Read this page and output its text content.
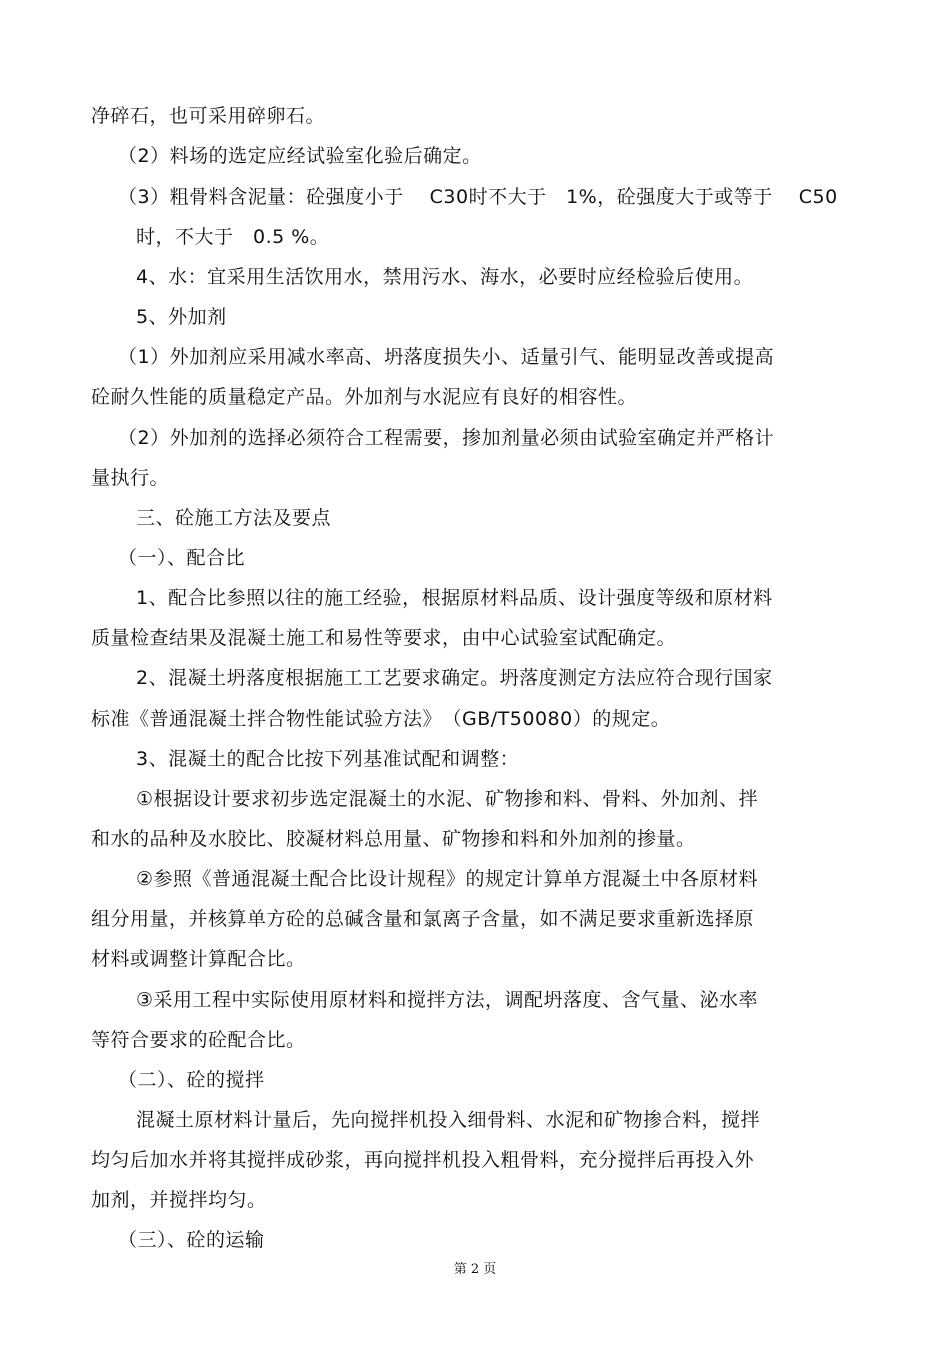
净碎石，也可采用碎卵石。
（2）料场的选定应经试验室化验后确定。
（3）粗骨料含泥量：砼强度小于　 C30时不大于　1%，砼强度大于或等于　 C50
时，不大于　0.5 %。
4、水：宜采用生活饮用水，禁用污水、海水，必要时应经检验后使用。
5、外加剂
（1）外加剂应采用减水率高、坍落度损失小、适量引气、能明显改善或提高
砼耐久性能的质量稳定产品。外加剂与水泥应有良好的相容性。
（2）外加剂的选择必须符合工程需要，掺加剂量必须由试验室确定并严格计
量执行。
三、砼施工方法及要点
（一）、配合比
1、配合比参照以往的施工经验，根据原材料品质、设计强度等级和原材料
质量检查结果及混凝土施工和易性等要求，由中心试验室试配确定。
2、混凝土坍落度根据施工工艺要求确定。坍落度测定方法应符合现行国家
标准《普通混凝土拌合物性能试验方法》　（GB/T50080）的规定。
3、混凝土的配合比按下列基准试配和调整：
①根据设计要求初步选定混凝土的水泥、矿物掺和料、骨料、外加剂、拌
和水的品种及水胶比、胶凝材料总用量、矿物掺和料和外加剂的掺量。
②参照《普通混凝土配合比设计规程》的规定计算单方混凝土中各原材料
组分用量，并核算单方砼的总碱含量和氯离子含量，如不满足要求重新选择原
材料或调整计算配合比。
③采用工程中实际使用原材料和搅拌方法，调配坍落度、含气量、泌水率
等符合要求的砼配合比。
（二）、砼的搅拌
混凝土原材料计量后，先向搅拌机投入细骨料、水泥和矿物掺合料，搅拌
均匀后加水并将其搅拌成砂浆，再向搅拌机投入粗骨料，充分搅拌后再投入外
加剂，并搅拌均匀。
（三）、砼的运输
第 2 页
